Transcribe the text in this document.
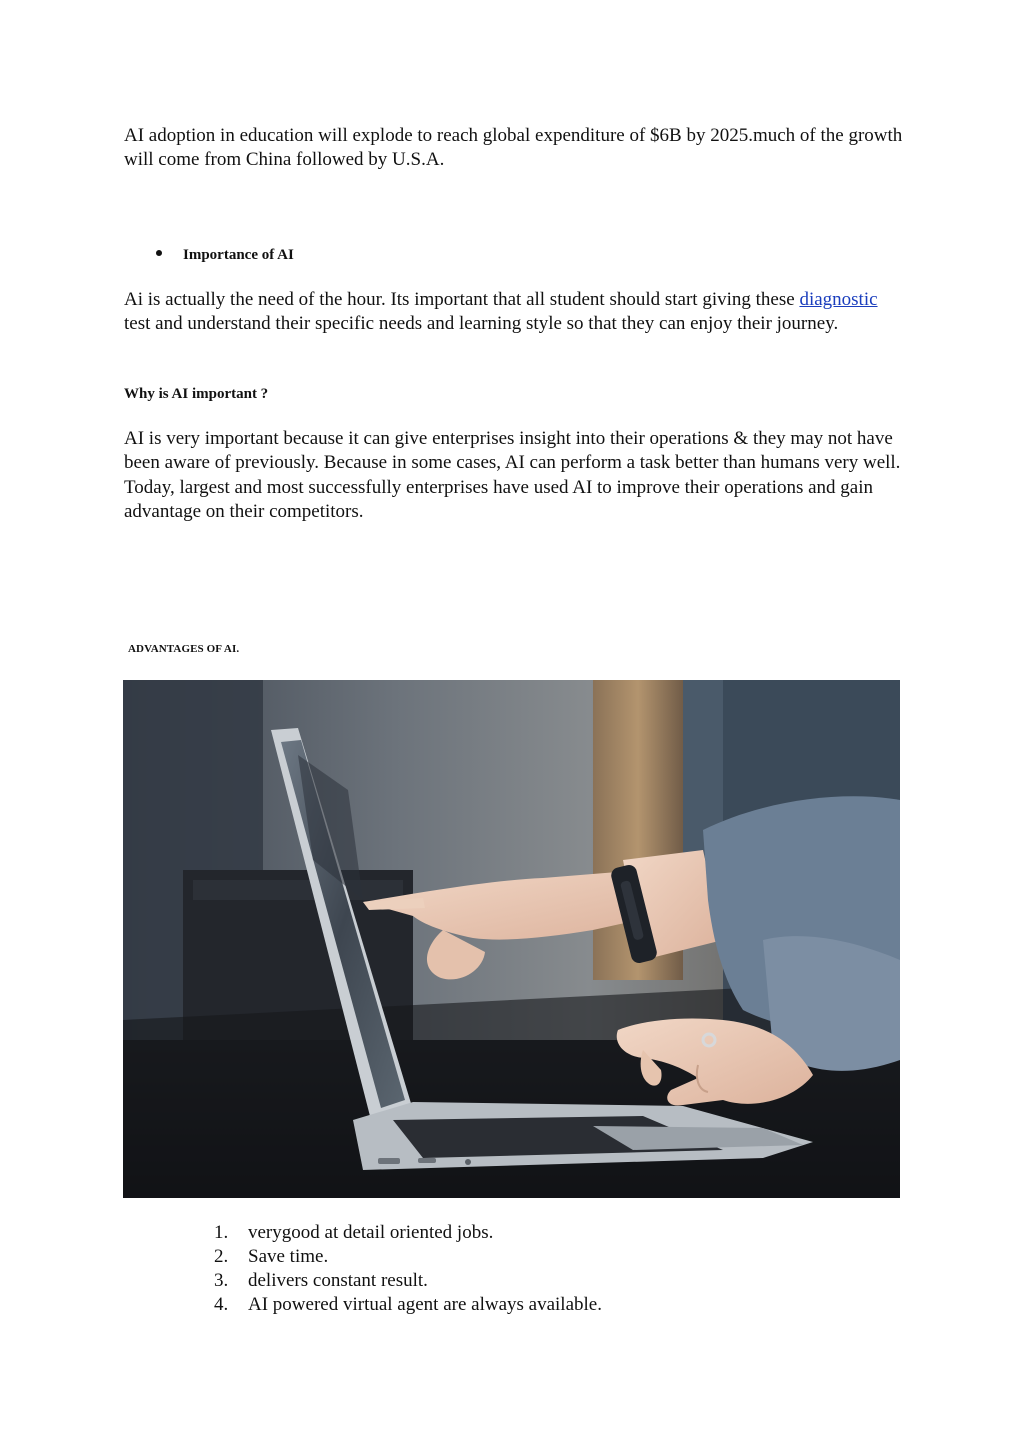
AI adoption in education will explode to reach global expenditure of $6B by 2025.much of the growth will come from China followed by U.S.A.

Importance of AI

Ai is actually the need of the hour. Its important that all student should start giving these diagnostic test and understand their specific needs and learning style so that they can enjoy their journey.

Why is AI important ?

AI is very important because it can give enterprises insight into their operations & they may not have been aware of previously. Because in some cases, AI can perform a task better than humans very well. Today, largest and most successfully enterprises have used AI to improve their operations and gain advantage on their competitors.

ADVANTAGES OF AI.

1.	verygood at detail oriented jobs.
2.	Save time.
3.	delivers constant result.
4.	AI powered virtual agent are always available.
